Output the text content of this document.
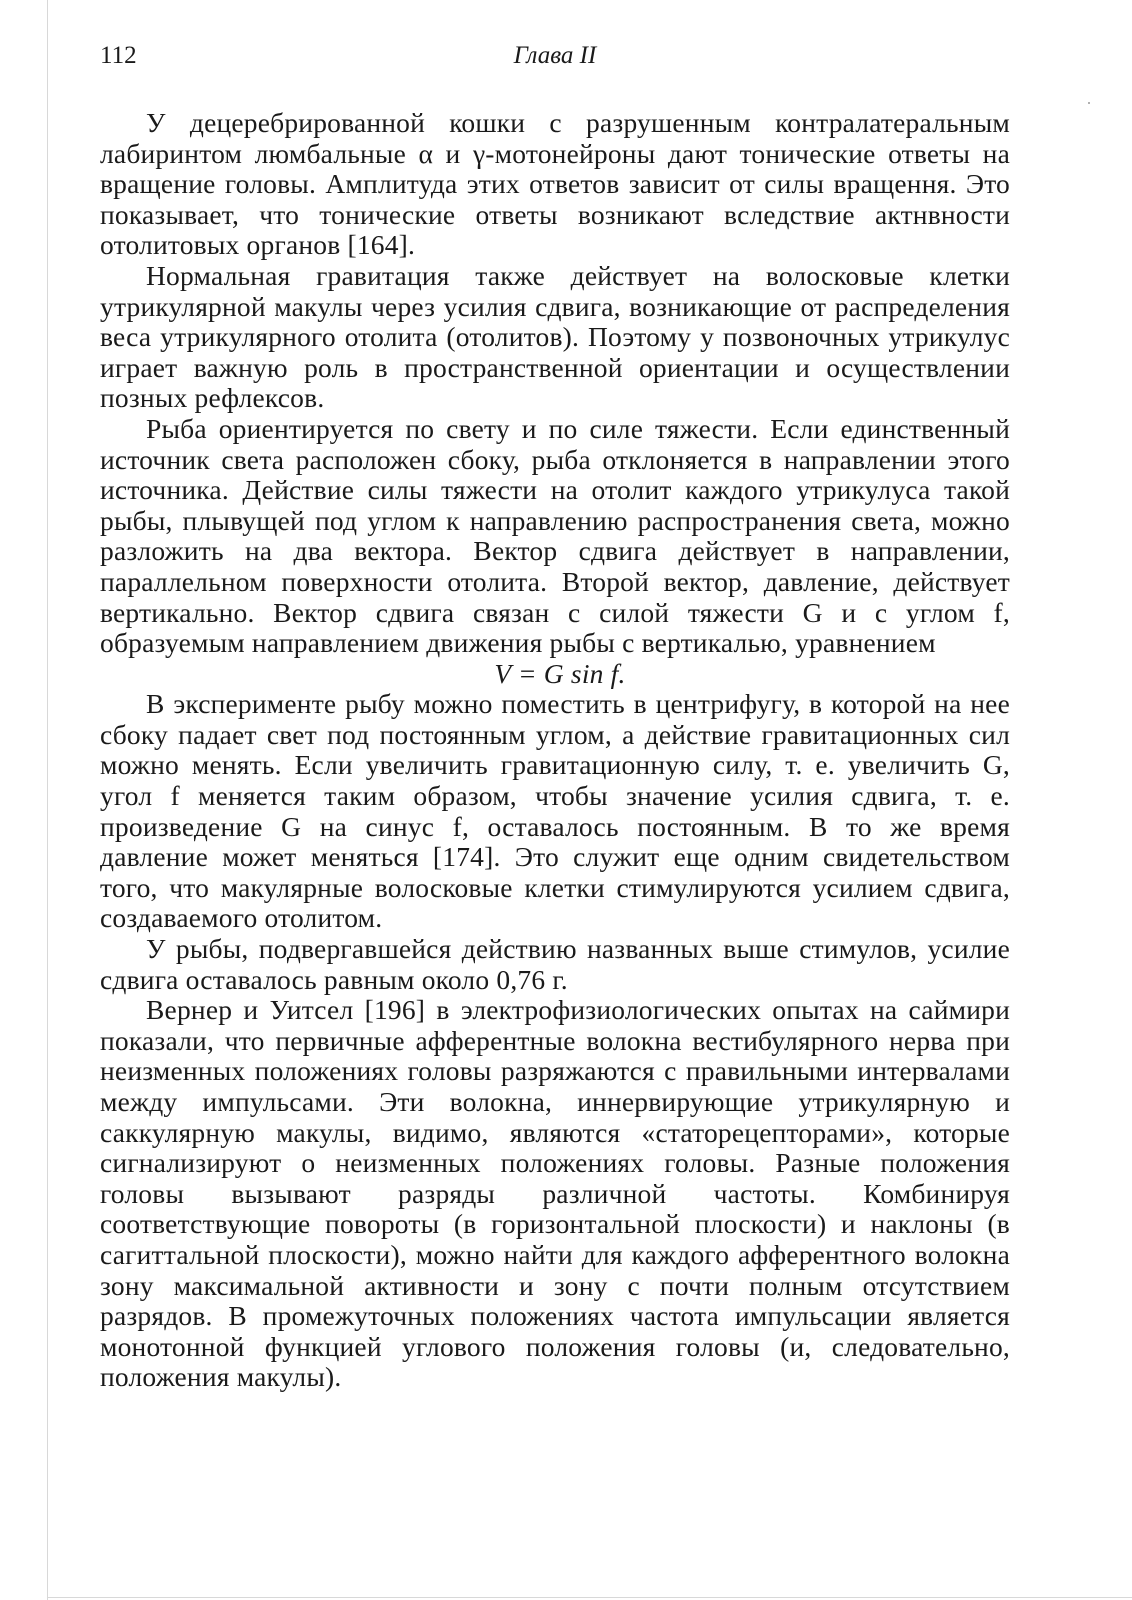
112	Глава II

У децеребрированной кошки с разрушенным контралатеральным лабиринтом люмбальные α и γ-мотонейроны дают тонические ответы на вращение головы. Амплитуда этих ответов зависит от силы вращення. Это показывает, что тонические ответы возникают вследствие актнвности отолитовых органов [164].

Нормальная гравитация также действует на волосковые клетки утрикулярной макулы через усилия сдвига, возникающие от распределения веса утрикулярного отолита (отолитов). Поэтому у позвоночных утрикулус играет важную роль в пространственной ориентации и осуществлении позных рефлексов.

Рыба ориентируется по свету и по силе тяжести. Если единственный источник света расположен сбоку, рыба отклоняется в направлении этого источника. Действие силы тяжести на отолит каждого утрикулуса такой рыбы, плывущей под углом к направлению распространения света, можно разложить на два вектора. Вектор сдвига действует в направлении, параллельном поверхности отолита. Второй вектор, давление, действует вертикально. Вектор сдвига связан с силой тяжести G и с углом f, образуемым направлением движения рыбы с вертикалью, уравнением

V = G sin f.

В эксперименте рыбу можно поместить в центрифугу, в которой на нее сбоку падает свет под постоянным углом, а действие гравитационных сил можно менять. Если увеличить гравитационную силу, т. е. увеличить G, угол f меняется таким образом, чтобы значение усилия сдвига, т. е. произведение G на синус f, оставалось постоянным. В то же время давление может меняться [174]. Это служит еще одним свидетельством того, что макулярные волосковые клетки стимулируются усилием сдвига, создаваемого отолитом.

У рыбы, подвергавшейся действию названных выше стимулов, усилие сдвига оставалось равным около 0,76 г.

Вернер и Уитсел [196] в электрофизиологических опытах на саймири показали, что первичные афферентные волокна вестибулярного нерва при неизменных положениях головы разряжаются с правильными интервалами между импульсами. Эти волокна, иннервирующие утрикулярную и саккулярную макулы, видимо, являются «статорецепторами», которые сигнализируют о неизменных положениях головы. Разные положения головы вызывают разряды различной частоты. Комбинируя соответствующие повороты (в горизонтальной плоскости) и наклоны (в сагиттальной плоскости), можно найти для каждого афферентного волокна зону максимальной активности и зону с почти полным отсутствием разрядов. В промежуточных положениях частота импульсации является монотонной функцией углового положения головы (и, следовательно, положения макулы).
